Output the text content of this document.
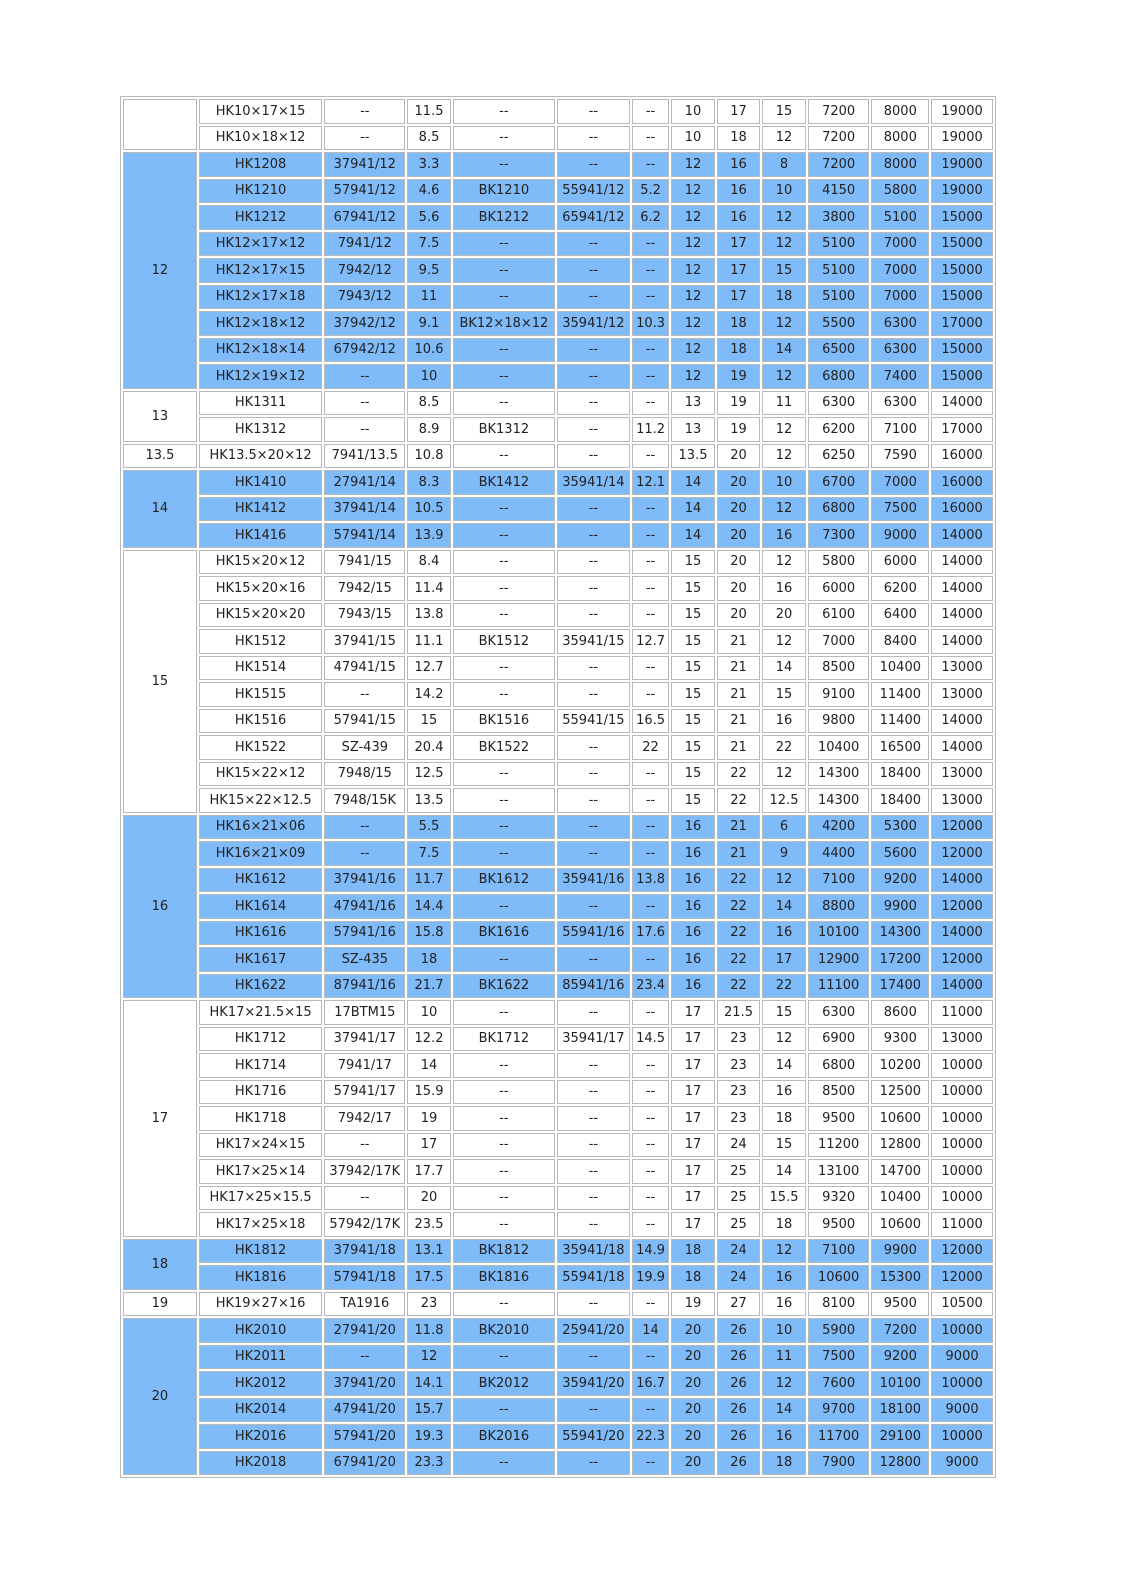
	HK10×17×15	--	11.5	--	--	--	10	17	15	7200	8000	19000
	HK10×18×12	--	8.5	--	--	--	10	18	12	7200	8000	19000
12	HK1208	37941/12	3.3	--	--	--	12	16	8	7200	8000	19000
	HK1210	57941/12	4.6	BK1210	55941/12	5.2	12	16	10	4150	5800	19000
	HK1212	67941/12	5.6	BK1212	65941/12	6.2	12	16	12	3800	5100	15000
	HK12×17×12	7941/12	7.5	--	--	--	12	17	12	5100	7000	15000
	HK12×17×15	7942/12	9.5	--	--	--	12	17	15	5100	7000	15000
	HK12×17×18	7943/12	11	--	--	--	12	17	18	5100	7000	15000
	HK12×18×12	37942/12	9.1	BK12×18×12	35941/12	10.3	12	18	12	5500	6300	17000
	HK12×18×14	67942/12	10.6	--	--	--	12	18	14	6500	6300	15000
	HK12×19×12	--	10	--	--	--	12	19	12	6800	7400	15000
13	HK1311	--	8.5	--	--	--	13	19	11	6300	6300	14000
	HK1312	--	8.9	BK1312	--	11.2	13	19	12	6200	7100	17000
13.5	HK13.5×20×12	7941/13.5	10.8	--	--	--	13.5	20	12	6250	7590	16000
14	HK1410	27941/14	8.3	BK1412	35941/14	12.1	14	20	10	6700	7000	16000
	HK1412	37941/14	10.5	--	--	--	14	20	12	6800	7500	16000
	HK1416	57941/14	13.9	--	--	--	14	20	16	7300	9000	14000
15	HK15×20×12	7941/15	8.4	--	--	--	15	20	12	5800	6000	14000
	HK15×20×16	7942/15	11.4	--	--	--	15	20	16	6000	6200	14000
	HK15×20×20	7943/15	13.8	--	--	--	15	20	20	6100	6400	14000
	HK1512	37941/15	11.1	BK1512	35941/15	12.7	15	21	12	7000	8400	14000
	HK1514	47941/15	12.7	--	--	--	15	21	14	8500	10400	13000
	HK1515	--	14.2	--	--	--	15	21	15	9100	11400	13000
	HK1516	57941/15	15	BK1516	55941/15	16.5	15	21	16	9800	11400	14000
	HK1522	SZ-439	20.4	BK1522	--	22	15	21	22	10400	16500	14000
	HK15×22×12	7948/15	12.5	--	--	--	15	22	12	14300	18400	13000
	HK15×22×12.5	7948/15K	13.5	--	--	--	15	22	12.5	14300	18400	13000
16	HK16×21×06	--	5.5	--	--	--	16	21	6	4200	5300	12000
	HK16×21×09	--	7.5	--	--	--	16	21	9	4400	5600	12000
	HK1612	37941/16	11.7	BK1612	35941/16	13.8	16	22	12	7100	9200	14000
	HK1614	47941/16	14.4	--	--	--	16	22	14	8800	9900	12000
	HK1616	57941/16	15.8	BK1616	55941/16	17.6	16	22	16	10100	14300	14000
	HK1617	SZ-435	18	--	--	--	16	22	17	12900	17200	12000
	HK1622	87941/16	21.7	BK1622	85941/16	23.4	16	22	22	11100	17400	14000
17	HK17×21.5×15	17BTM15	10	--	--	--	17	21.5	15	6300	8600	11000
	HK1712	37941/17	12.2	BK1712	35941/17	14.5	17	23	12	6900	9300	13000
	HK1714	7941/17	14	--	--	--	17	23	14	6800	10200	10000
	HK1716	57941/17	15.9	--	--	--	17	23	16	8500	12500	10000
	HK1718	7942/17	19	--	--	--	17	23	18	9500	10600	10000
	HK17×24×15	--	17	--	--	--	17	24	15	11200	12800	10000
	HK17×25×14	37942/17K	17.7	--	--	--	17	25	14	13100	14700	10000
	HK17×25×15.5	--	20	--	--	--	17	25	15.5	9320	10400	10000
	HK17×25×18	57942/17K	23.5	--	--	--	17	25	18	9500	10600	11000
18	HK1812	37941/18	13.1	BK1812	35941/18	14.9	18	24	12	7100	9900	12000
	HK1816	57941/18	17.5	BK1816	55941/18	19.9	18	24	16	10600	15300	12000
19	HK19×27×16	TA1916	23	--	--	--	19	27	16	8100	9500	10500
20	HK2010	27941/20	11.8	BK2010	25941/20	14	20	26	10	5900	7200	10000
	HK2011	--	12	--	--	--	20	26	11	7500	9200	9000
	HK2012	37941/20	14.1	BK2012	35941/20	16.7	20	26	12	7600	10100	10000
	HK2014	47941/20	15.7	--	--	--	20	26	14	9700	18100	9000
	HK2016	57941/20	19.3	BK2016	55941/20	22.3	20	26	16	11700	29100	10000
	HK2018	67941/20	23.3	--	--	--	20	26	18	7900	12800	9000
